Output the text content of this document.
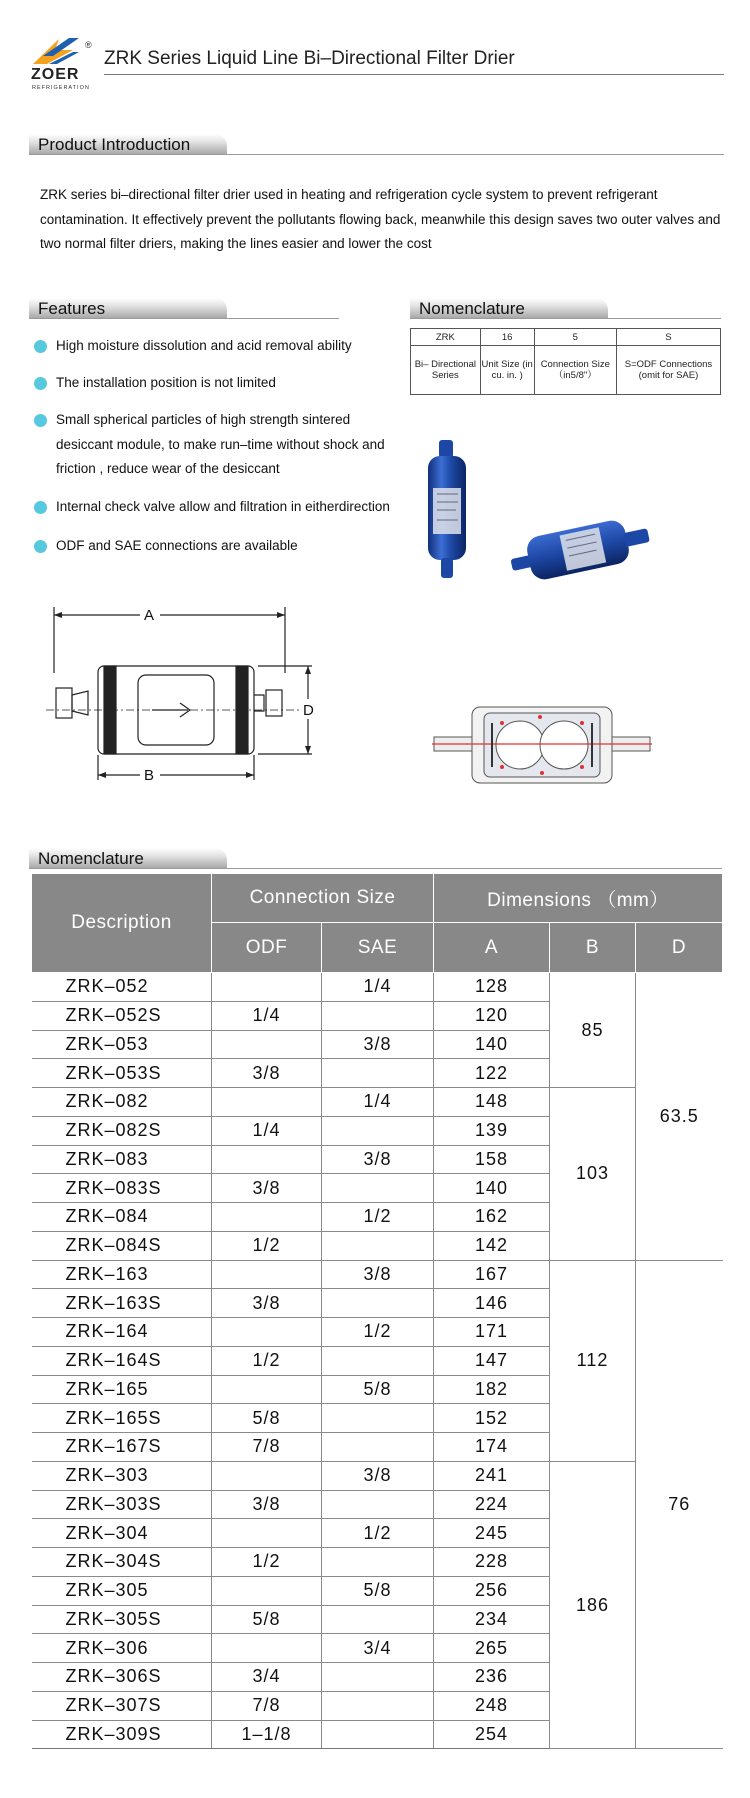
®
ZOER
REFRIGERATION
ZRK Series Liquid Line Bi–Directional Filter Drier
Product Introduction

ZRK series bi–directional filter drier used in heating and refrigeration cycle system to prevent refrigerant contamination. It effectively prevent the pollutants flowing back, meanwhile this design saves two outer valves and two normal filter driers, making the lines easier and lower the cost

Features
High moisture dissolution and acid removal ability
The installation position is not limited
Small spherical particles of high strength sintered desiccant module, to make run–time without shock and friction , reduce wear of the desiccant
Internal check valve allow and filtration in eitherdirection
ODF and SAE connections are available
Nomenclature
ZRK	16	5	S
Bi– Directional Series	Unit Size (in cu. in. )	Connection Size（in5/8"）	S=ODF Connections (omit for SAE)
A
D
B
Nomenclature
Description	Connection Size		Dimensions （mm）		
	ODF	SAE	A	B	D
ZRK–052		1/4	128	85	63.5
ZRK–052S	1/4		120		
ZRK–053		3/8	140		
ZRK–053S	3/8		122		
ZRK–082		1/4	148	103	
ZRK–082S	1/4		139		
ZRK–083		3/8	158		
ZRK–083S	3/8		140		
ZRK–084		1/2	162		
ZRK–084S	1/2		142		
ZRK–163		3/8	167	112	76
ZRK–163S	3/8		146		
ZRK–164		1/2	171		
ZRK–164S	1/2		147		
ZRK–165		5/8	182		
ZRK–165S	5/8		152		
ZRK–167S	7/8		174		
ZRK–303		3/8	241	186	
ZRK–303S	3/8		224		
ZRK–304		1/2	245		
ZRK–304S	1/2		228		
ZRK–305		5/8	256		
ZRK–305S	5/8		234		
ZRK–306		3/4	265		
ZRK–306S	3/4		236		
ZRK–307S	7/8		248		
ZRK–309S	1–1/8		254		
